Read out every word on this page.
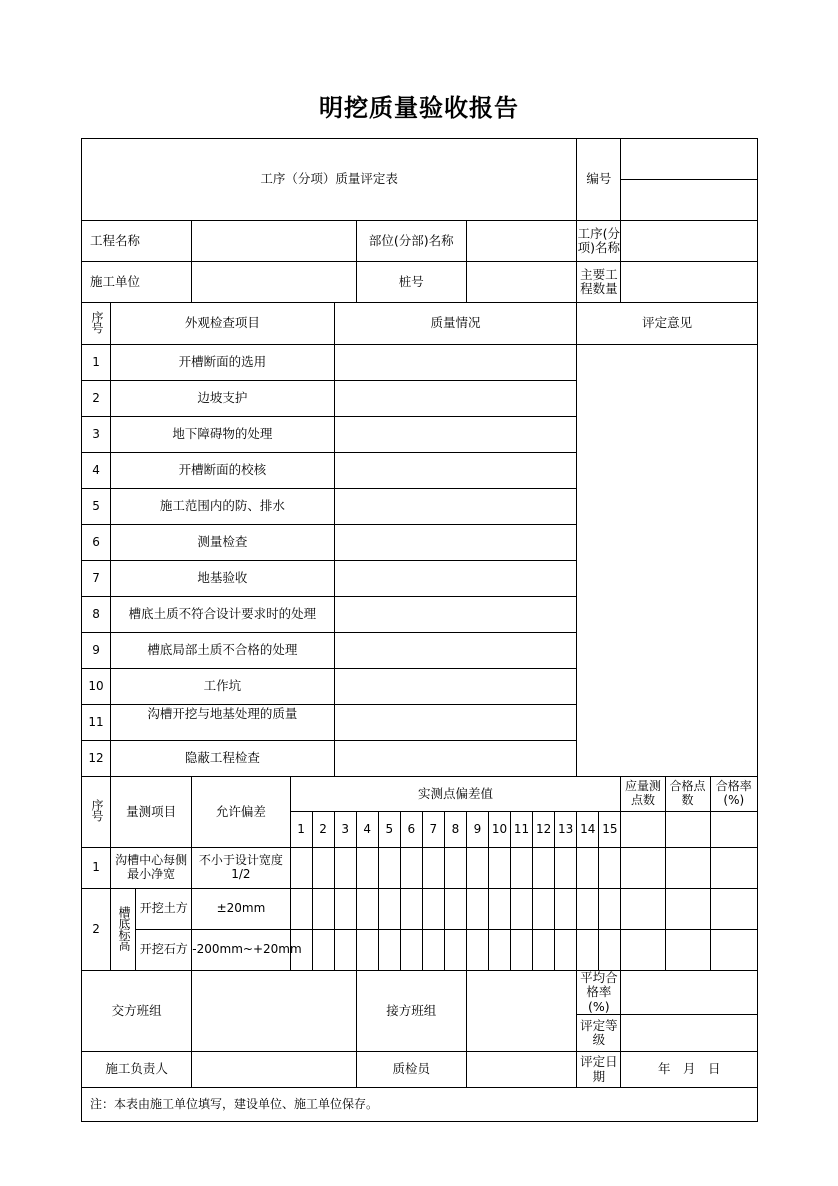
明挖质量验收报告
工序（分项）质量评定表																	编号				

工程名称							部位(分部)名称										工序(分项)名称				
施工单位							桩号										主要工程数量				
序号	外观检查项目					质量情况											评定意见				
1	开槽断面的选用																				
2	边坡支护																				
3	地下障碍物的处理																				
4	开槽断面的校核																				
5	施工范围内的防、排水																				
6	测量检查																				
7	地基验收																				
8	槽底土质不符合设计要求时的处理																				
9	槽底局部土质不合格的处理																				
10	工作坑																				
11	沟槽开挖与地基处理的质量																				
12	隐蔽工程检查																				
序号	量测项目		允许偏差	实测点偏差值															应量测点数	合格点数	合格率(%)
				1	2	3	4	5	6	7	8	9	10	11	12	13	14	15			
1	沟槽中心每侧最小净宽		不小于设计宽度1/2																		
2	槽底标高	开挖土方	±20mm																		
		开挖石方	-200mm~+20mm																		
交方班组							接方班组										平均合格率(%)				
																	评定等级				
施工负责人							质检员										评定日期		年　月　日		
注：本表由施工单位填写，建设单位、施工单位保存。																					
